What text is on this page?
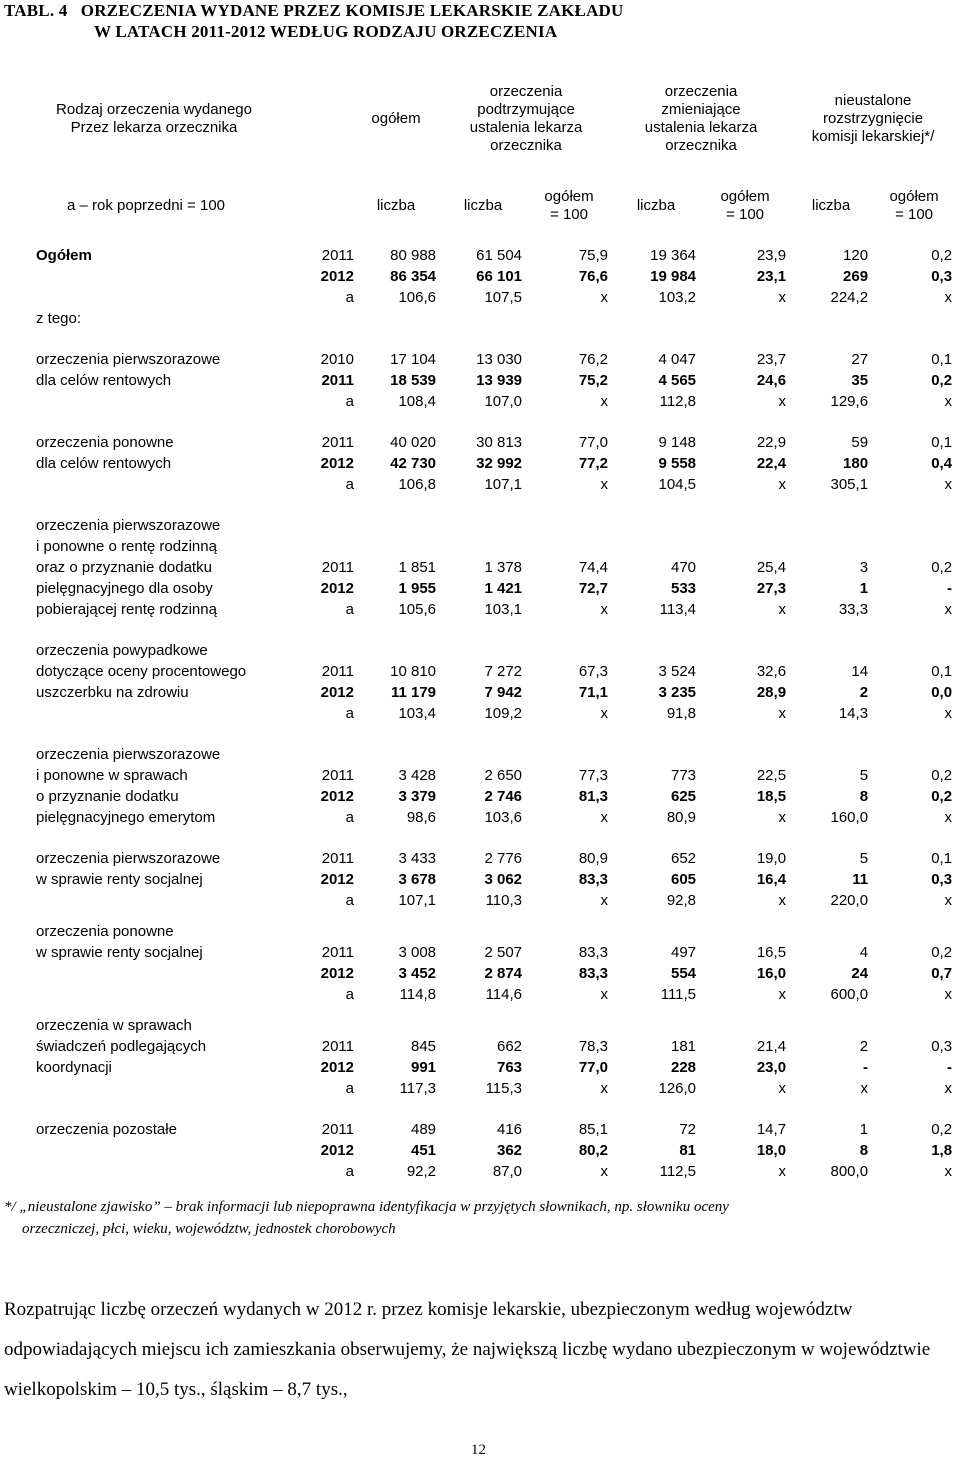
TABL. 4   ORZECZENIA WYDANE PRZEZ KOMISJE LEKARSKIE ZAKŁADU
W LATACH 2011-2012 WEDŁUG RODZAJU ORZECZENIA
Rodzaj orzeczenia wydanego Przez lekarza orzecznika	ogółem		orzeczenia podtrzymujące ustalenia lekarza orzecznika		orzeczenia zmieniające ustalenia lekarza orzecznika		nieustalone rozstrzygnięcie komisji lekarskiej*/	

a – rok poprzedni = 100	liczba		liczba	ogółem = 100	liczba	ogółem = 100	liczba	ogółem = 100

Ogółem	2011	80 988	61 504	75,9	19 364	23,9	120	0,2
	2012	86 354	66 101	76,6	19 984	23,1	269	0,3
	a	106,6	107,5	x	103,2	x	224,2	x
z tego:								

orzeczenia pierwszorazowe	2010	17 104	13 030	76,2	4 047	23,7	27	0,1
dla celów rentowych	2011	18 539	13 939	75,2	4 565	24,6	35	0,2
	a	108,4	107,0	x	112,8	x	129,6	x

orzeczenia ponowne	2011	40 020	30 813	77,0	9 148	22,9	59	0,1
dla celów rentowych	2012	42 730	32 992	77,2	9 558	22,4	180	0,4
	a	106,8	107,1	x	104,5	x	305,1	x

orzeczenia pierwszorazowe								
i ponowne o rentę rodzinną								
oraz o przyznanie dodatku	2011	1 851	1 378	74,4	470	25,4	3	0,2
pielęgnacyjnego dla osoby	2012	1 955	1 421	72,7	533	27,3	1	-
pobierającej rentę rodzinną	a	105,6	103,1	x	113,4	x	33,3	x

orzeczenia powypadkowe								
dotyczące oceny procentowego	2011	10 810	7 272	67,3	3 524	32,6	14	0,1
uszczerbku na zdrowiu	2012	11 179	7 942	71,1	3 235	28,9	2	0,0
	a	103,4	109,2	x	91,8	x	14,3	x

orzeczenia pierwszorazowe								
i ponowne w sprawach	2011	3 428	2 650	77,3	773	22,5	5	0,2
o przyznanie dodatku	2012	3 379	2 746	81,3	625	18,5	8	0,2
pielęgnacyjnego emerytom	a	98,6	103,6	x	80,9	x	160,0	x

orzeczenia pierwszorazowe	2011	3 433	2 776	80,9	652	19,0	5	0,1
w sprawie renty socjalnej	2012	3 678	3 062	83,3	605	16,4	11	0,3
	a	107,1	110,3	x	92,8	x	220,0	x

orzeczenia ponowne								
w sprawie renty socjalnej	2011	3 008	2 507	83,3	497	16,5	4	0,2
	2012	3 452	2 874	83,3	554	16,0	24	0,7
	a	114,8	114,6	x	111,5	x	600,0	x

orzeczenia w sprawach								
świadczeń podlegających	2011	845	662	78,3	181	21,4	2	0,3
koordynacji	2012	991	763	77,0	228	23,0	-	-
	a	117,3	115,3	x	126,0	x	x	x

orzeczenia pozostałe	2011	489	416	85,1	72	14,7	1	0,2
	2012	451	362	80,2	81	18,0	8	1,8
	a	92,2	87,0	x	112,5	x	800,0	x
*/ „nieustalone zjawisko” – brak informacji lub niepoprawna identyfikacja w przyjętych słownikach, np. słowniku oceny
orzeczniczej, płci, wieku, województw, jednostek chorobowych
Rozpatrując liczbę orzeczeń wydanych w 2012 r. przez komisje lekarskie, ubezpieczonym według województw odpowiadających miejscu ich zamieszkania obserwujemy, że największą liczbę wydano ubezpieczonym w województwie wielkopolskim – 10,5 tys., śląskim – 8,7 tys.,
12
